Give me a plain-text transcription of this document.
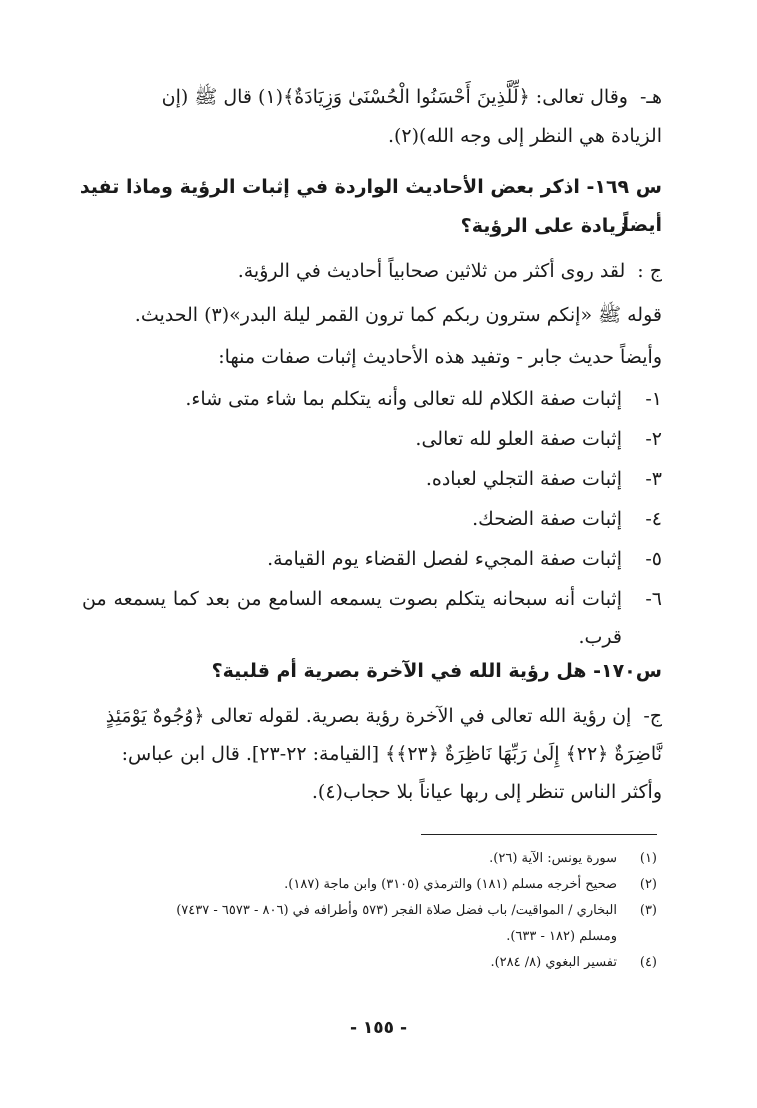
هـ-وقال تعالى: ﴿لِّلَّذِينَ أَحْسَنُوا الْحُسْنَىٰ وَزِيَادَةٌ﴾(١) قال ﷺ (إن
الزيادة هي النظر إلى وجه الله)(٢).
س ١٦٩- اذكر بعض الأحاديث الواردة في إثبات الرؤية وماذا تفيد أيضاً
زيادة على الرؤية؟
ج :لقد روى أكثر من ثلاثين صحابياً أحاديث في الرؤية.
قوله ﷺ «إنكم سترون ربكم كما ترون القمر ليلة البدر»(٣) الحديث.
وأيضاً حديث جابر - وتفيد هذه الأحاديث إثبات صفات منها:
١-
إثبات صفة الكلام لله تعالى وأنه يتكلم بما شاء متى شاء.
٢-
إثبات صفة العلو لله تعالى.
٣-
إثبات صفة التجلي لعباده.
٤-
إثبات صفة الضحك.
٥-
إثبات صفة المجيء لفصل القضاء يوم القيامة.
٦-
إثبات أنه سبحانه يتكلم بصوت يسمعه السامع من بعد كما يسمعه من قرب.
س١٧٠- هل رؤية الله في الآخرة بصرية أم قلبية؟
ج-إن رؤية الله تعالى في الآخرة رؤية بصرية. لقوله تعالى ﴿وُجُوهٌ يَوْمَئِذٍ
نَّاضِرَةٌ ﴿٢٢﴾ إِلَىٰ رَبِّهَا نَاظِرَةٌ ﴿٢٣﴾﴾ [القيامة: ٢٢-٢٣]. قال ابن عباس:
وأكثر الناس تنظر إلى ربها عياناً بلا حجاب(٤).
(١)
سورة يونس: الآية (٢٦).
(٢)
صحيح أخرجه مسلم (١٨١) والترمذي (٣١٠٥) وابن ماجة (١٨٧).
(٣)
البخاري / المواقيت/ باب فضل صلاة الفجر (٥٧٣ وأطرافه في (٨٠٦ - ٦٥٧٣ - ٧٤٣٧)
ومسلم (١٨٢ - ٦٣٣).
(٤)
تفسير البغوي (٨/ ٢٨٤).
- ١٥٥ -
